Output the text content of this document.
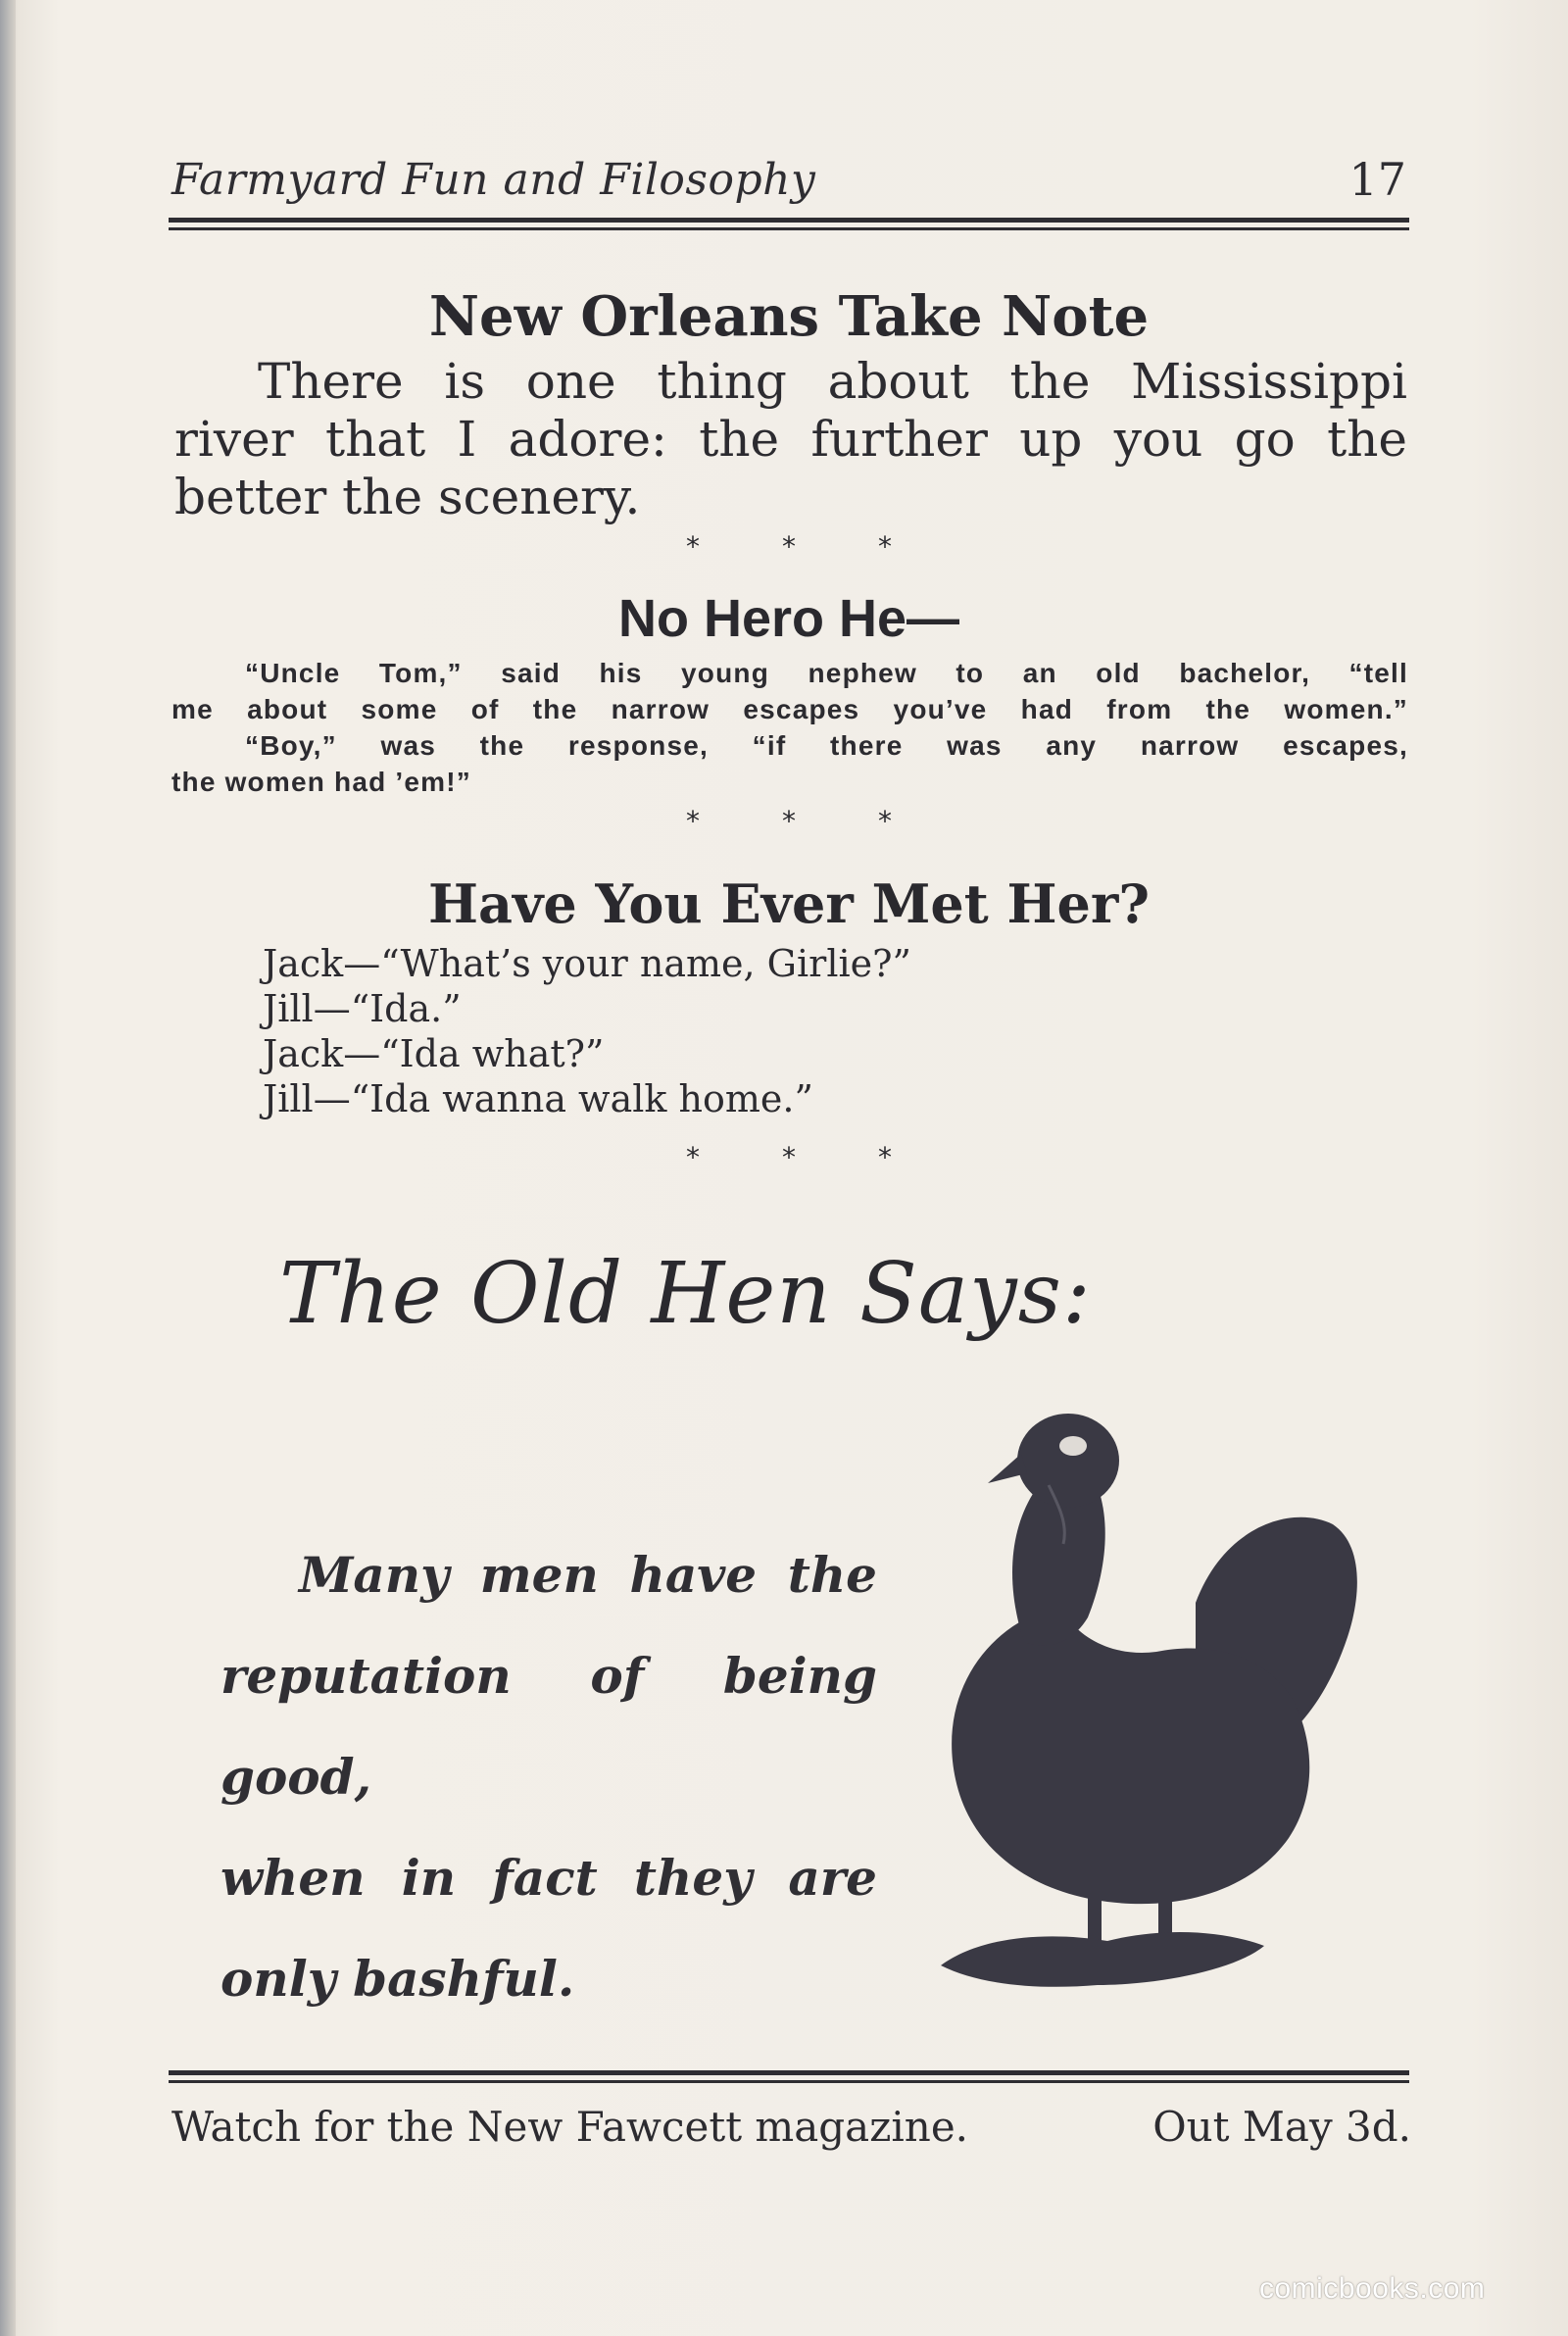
Farmyard Fun and Filosophy	17
New Orleans Take Note

There is one thing about the Mississippi

river that I adore: the further up you go the

better the scenery.

*	*	*
No Hero He—

“Uncle Tom,” said his young nephew to an old bachelor, “tell

me about some of the narrow escapes you’ve had from the women.”

“Boy,” was the response, “if there was any narrow escapes,

the women had ’em!”

*	*	*
Have You Ever Met Her?
Jack—“What’s your name, Girlie?”
Jill—“Ida.”
Jack—“Ida what?”
Jill—“Ida wanna walk home.”
*	*	*
The Old Hen Says:

Many men have the

reputation of being good,

when in fact they are

only bashful.

Watch for the New Fawcett magazine.	Out May 3d.
comicbooks.com
